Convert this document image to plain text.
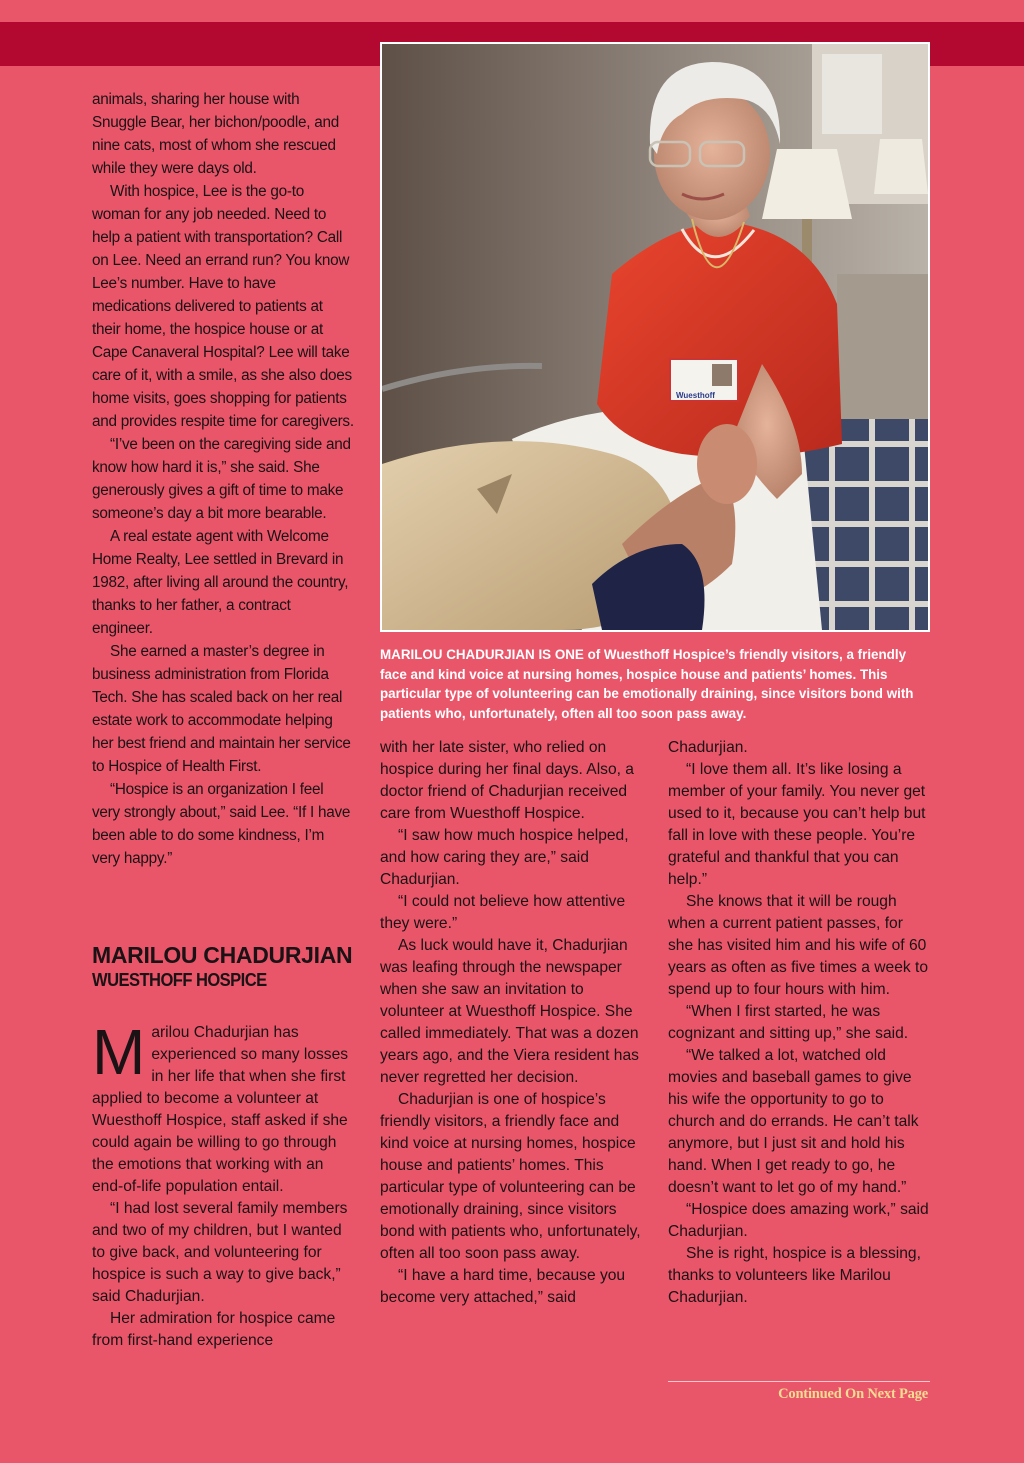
animals, sharing her house with Snuggle Bear, her bichon/poodle, and nine cats, most of whom she rescued while they were days old.

With hospice, Lee is the go-to woman for any job needed. Need to help a patient with transportation? Call on Lee. Need an errand run? You know Lee’s number. Have to have medications delivered to patients at their home, the hospice house or at Cape Canaveral Hospital? Lee will take care of it, with a smile, as she also does home visits, goes shopping for patients and provides respite time for caregivers.

“I’ve been on the caregiving side and know how hard it is,” she said. She generously gives a gift of time to make someone’s day a bit more bearable.

A real estate agent with Welcome Home Realty, Lee settled in Brevard in 1982, after living all around the country, thanks to her father, a contract engineer.

She earned a master’s degree in business administration from Florida Tech. She has scaled back on her real estate work to accommodate helping her best friend and maintain her service to Hospice of Health First.

“Hospice is an organization I feel very strongly about,” said Lee. “If I have been able to do some kindness, I’m very happy.”

MARILOU CHADURJIAN
WUESTHOFF HOSPICE

Marilou Chadurjian has experienced so many losses in her life that when she first applied to become a volunteer at Wuesthoff Hospice, staff asked if she could again be willing to go through the emotions that working with an end-of-life population entail.

“I had lost several family members and two of my children, but I wanted to give back, and volunteering for hospice is such a way to give back,” said Chadurjian.

Her admiration for hospice came from first-hand experience

Wuesthoff
MARILOU CHADURJIAN IS ONE of Wuesthoff Hospice’s friendly visitors, a friendly face and kind voice at nursing homes, hospice house and patients’ homes. This particular type of volunteering can be emotionally draining, since visitors bond with patients who, unfortunately, often all too soon pass away.

with her late sister, who relied on hospice during her final days. Also, a doctor friend of Chadurjian received care from Wuesthoff Hospice.

“I saw how much hospice helped, and how caring they are,” said Chadurjian.

“I could not believe how attentive they were.”

As luck would have it, Chadurjian was leafing through the newspaper when she saw an invitation to volunteer at Wuesthoff Hospice. She called immediately. That was a dozen years ago, and the Viera resident has never regretted her decision.

Chadurjian is one of hospice’s friendly visitors, a friendly face and kind voice at nursing homes, hospice house and patients’ homes. This particular type of volunteering can be emotionally draining, since visitors bond with patients who, unfortunately, often all too soon pass away.

“I have a hard time, because you become very attached,” said

Chadurjian.

“I love them all. It’s like losing a member of your family. You never get used to it, because you can’t help but fall in love with these people. You’re grateful and thankful that you can help.”

She knows that it will be rough when a current patient passes, for she has visited him and his wife of 60 years as often as five times a week to spend up to four hours with him.

“When I first started, he was cognizant and sitting up,” she said.

“We talked a lot, watched old movies and baseball games to give his wife the opportunity to go to church and do errands. He can’t talk anymore, but I just sit and hold his hand. When I get ready to go, he doesn’t want to let go of my hand.”

“Hospice does amazing work,” said Chadurjian.

She is right, hospice is a blessing, thanks to volunteers like Marilou Chadurjian.

Continued On Next Page
